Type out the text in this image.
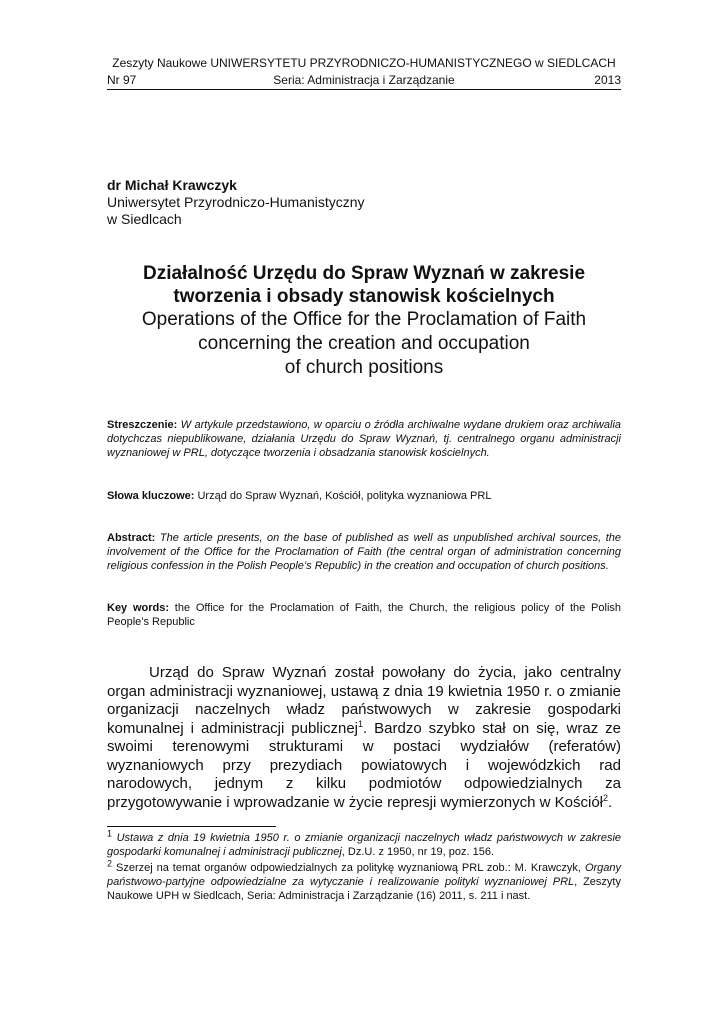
Zeszyty Naukowe UNIWERSYTETU PRZYRODNICZO-HUMANISTYCZNEGO w SIEDLCACH
Nr 97	Seria: Administracja i Zarządzanie	2013
dr Michał Krawczyk
Uniwersytet Przyrodniczo-Humanistyczny
w Siedlcach
Działalność Urzędu do Spraw Wyznań w zakresie
tworzenia i obsady stanowisk kościelnych
Operations of the Office for the Proclamation of Faith
concerning the creation and occupation
of church positions
Streszczenie: W artykule przedstawiono, w oparciu o źródła archiwalne wydane drukiem oraz archiwalia dotychczas niepublikowane, działania Urzędu do Spraw Wyznań, tj. centralnego organu administracji wyznaniowej w PRL, dotyczące tworzenia i obsadzania stanowisk kościelnych.
Słowa kluczowe: Urząd do Spraw Wyznań, Kościół, polityka wyznaniowa PRL
Abstract: The article presents, on the base of published as well as unpublished archival sources, the involvement of the Office for the Proclamation of Faith (the central organ of administration concerning religious confession in the Polish People’s Republic) in the creation and occupation of church positions.
Key words: the Office for the Proclamation of Faith, the Church, the religious policy of the Polish People’s Republic
Urząd do Spraw Wyznań został powołany do życia, jako centralny organ administracji wyznaniowej, ustawą z dnia 19 kwietnia 1950 r. o zmianie organizacji naczelnych władz państwowych w zakresie gospodarki komunalnej i administracji publicznej$^1$. Bardzo szybko stał on się, wraz ze swoimi terenowymi strukturami w postaci wydziałów (referatów) wyznaniowych przy prezydiach powiatowych i wojewódzkich rad narodowych, jednym z kilku podmiotów odpowiedzialnych za przygotowywanie i wprowadzanie w życie represji wymierzonych w Kościół$^2$.
$^1$ Ustawa z dnia 19 kwietnia 1950 r. o zmianie organizacji naczelnych władz państwowych w zakresie gospodarki komunalnej i administracji publicznej, Dz.U. z 1950, nr 19, poz. 156.
$^2$ Szerzej na temat organów odpowiedzialnych za politykę wyznaniową PRL zob.: M. Krawczyk, Organy państwowo-partyjne odpowiedzialne za wytyczanie i realizowanie polityki wyznaniowej PRL, Zeszyty Naukowe UPH w Siedlcach, Seria: Administracja i Zarządzanie (16) 2011, s. 211 i nast.
